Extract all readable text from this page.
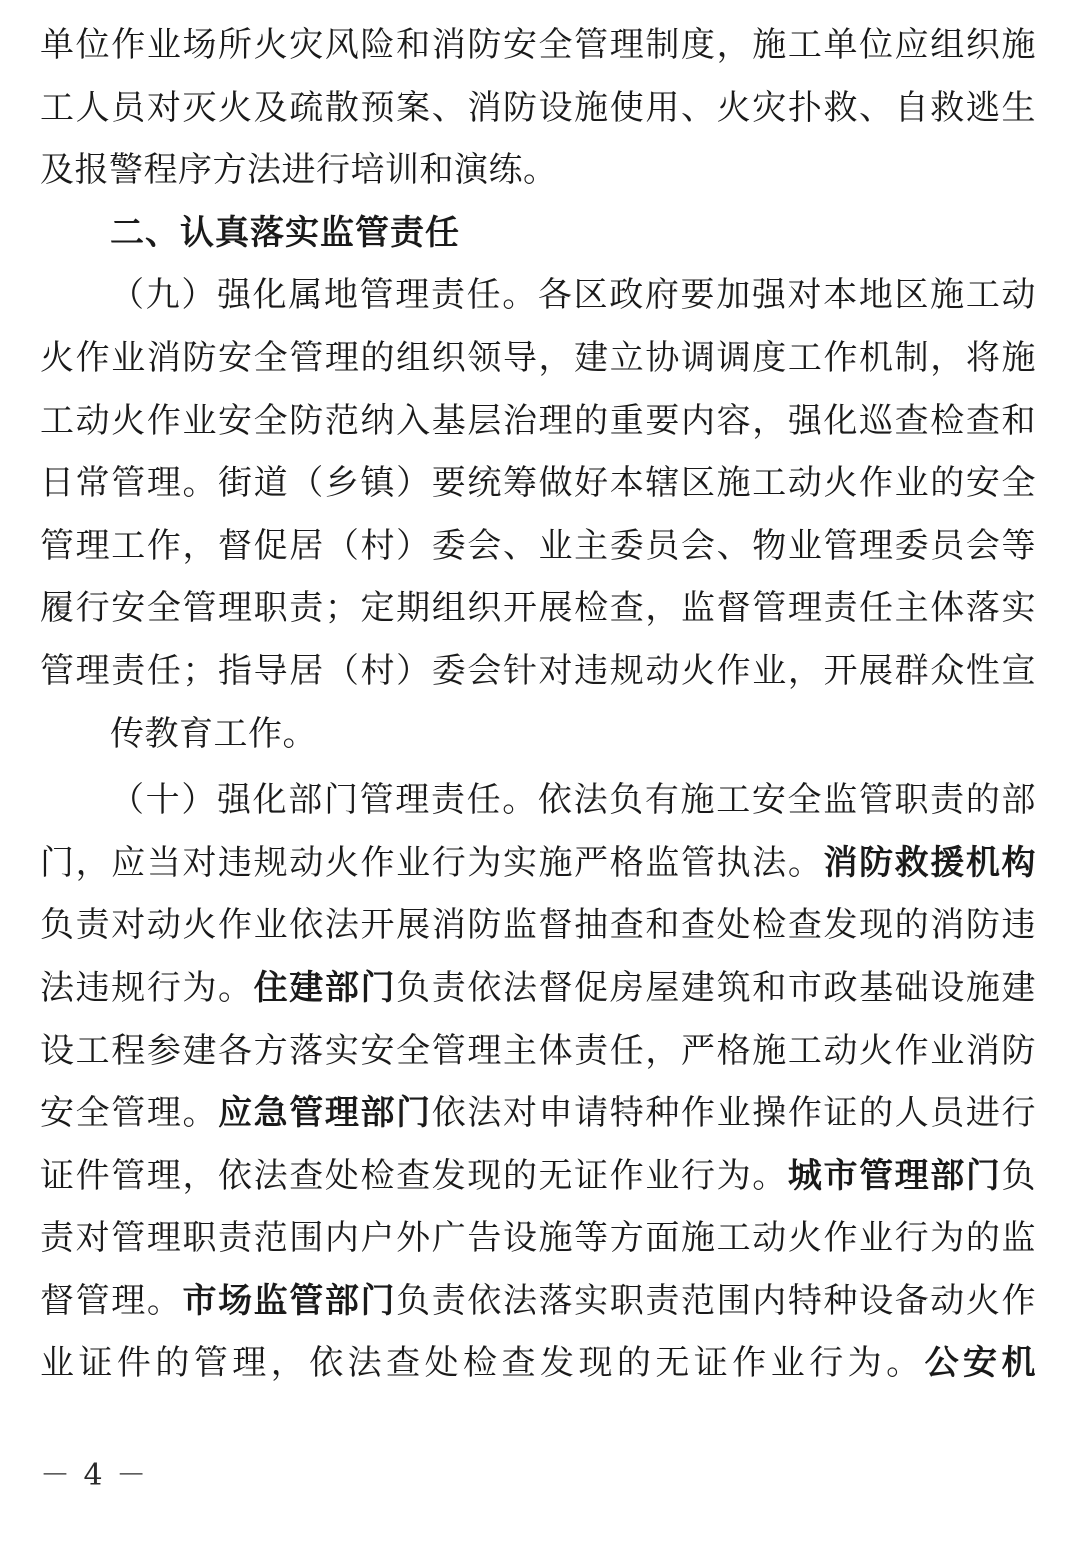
单位作业场所火灾风险和消防安全管理制度，施工单位应组织施工人员对灭火及疏散预案、消防设施使用、火灾扑救、自救逃生
及报警程序方法进行培训和演练。

二、认真落实监管责任

（九）强化属地管理责任。各区政府要加强对本地区施工动火作业消防安全管理的组织领导，建立协调调度工作机制，将施工动火作业安全防范纳入基层治理的重要内容，强化巡查检查和日常管理。街道（乡镇）要统筹做好本辖区施工动火作业的安全管理工作，督促居（村）委会、业主委员会、物业管理委员会等履行安全管理职责；定期组织开展检查，监督管理责任主体落实管理责任；指导居（村）委会针对违规动火作业，开展群众性宣
传教育工作。

（十）强化部门管理责任。依法负有施工安全监管职责的部门，应当对违规动火作业行为实施严格监管执法。消防救援机构负责对动火作业依法开展消防监督抽查和查处检查发现的消防违法违规行为。住建部门负责依法督促房屋建筑和市政基础设施建设工程参建各方落实安全管理主体责任，严格施工动火作业消防安全管理。应急管理部门依法对申请特种作业操作证的人员进行证件管理，依法查处检查发现的无证作业行为。城市管理部门负责对管理职责范围内户外广告设施等方面施工动火作业行为的监督管理。市场监管部门负责依法落实职责范围内特种设备动火作业证件的管理，依法查处检查发现的无证作业行为。公安机

－ 4 －
